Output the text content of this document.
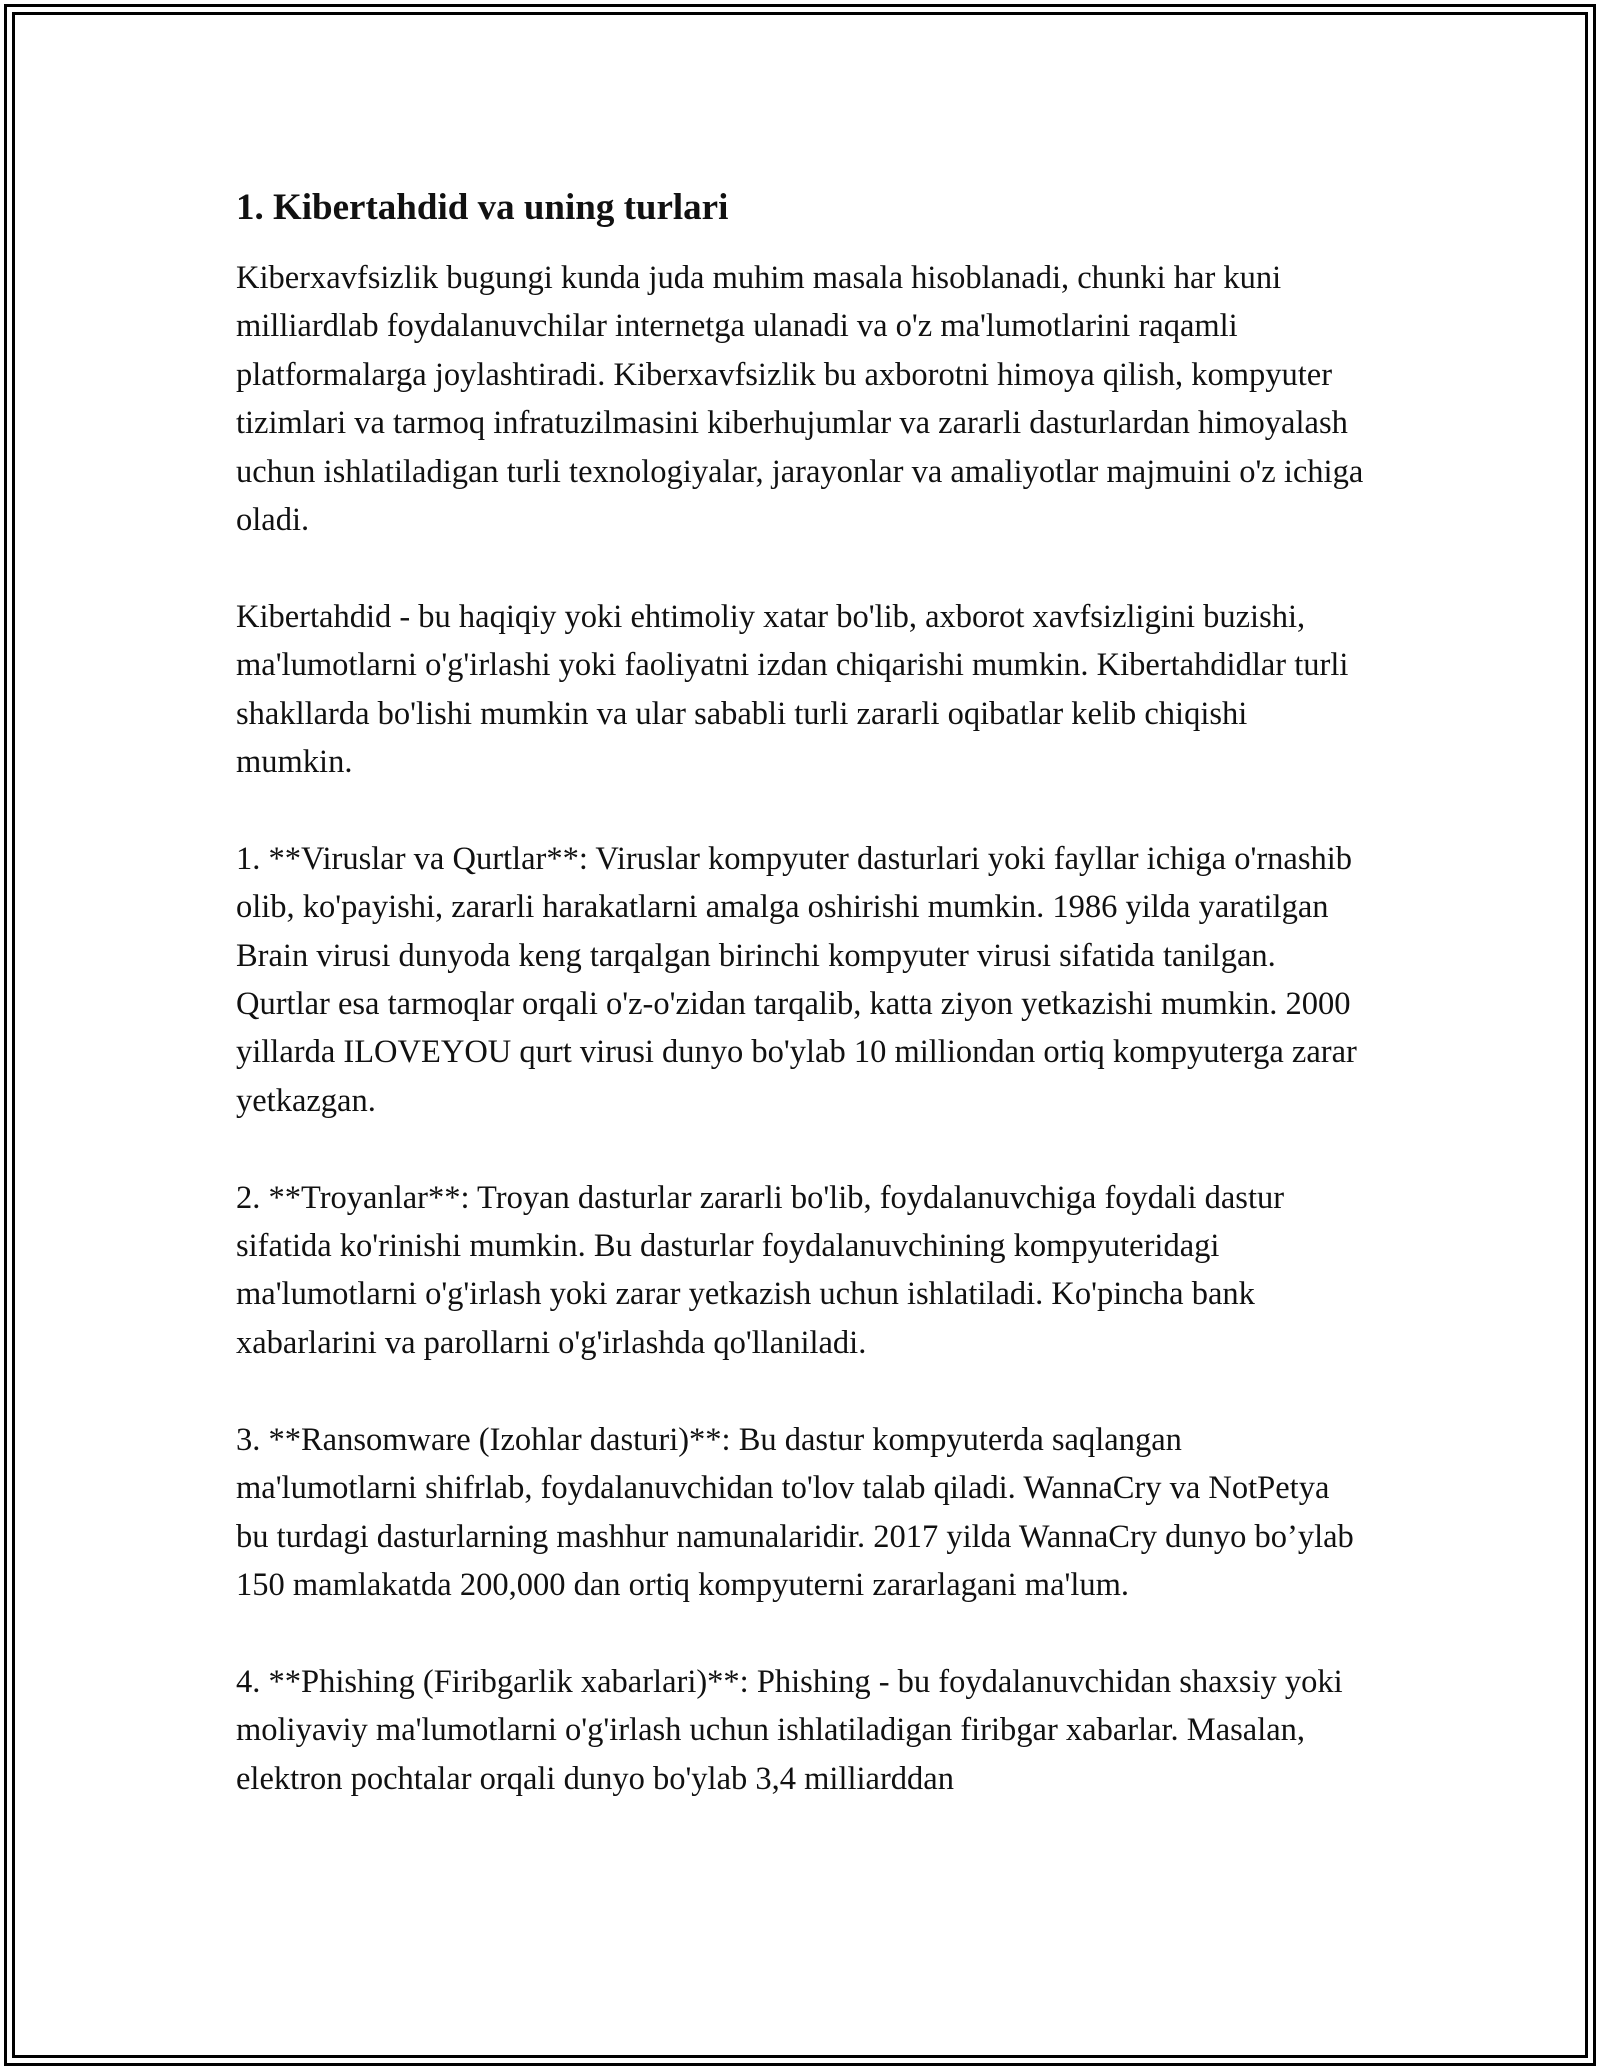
1. Kibertahdid va uning turlari

Kiberxavfsizlik bugungi kunda juda muhim masala hisoblanadi, chunki har kuni milliardlab foydalanuvchilar internetga ulanadi va o'z ma'lumotlarini raqamli platformalarga joylashtiradi. Kiberxavfsizlik bu axborotni himoya qilish, kompyuter tizimlari va tarmoq infratuzilmasini kiberhujumlar va zararli dasturlardan himoyalash uchun ishlatiladigan turli texnologiyalar, jarayonlar va amaliyotlar majmuini o'z ichiga oladi.

Kibertahdid - bu haqiqiy yoki ehtimoliy xatar bo'lib, axborot xavfsizligini buzishi, ma'lumotlarni o'g'irlashi yoki faoliyatni izdan chiqarishi mumkin. Kibertahdidlar turli shakllarda bo'lishi mumkin va ular sababli turli zararli oqibatlar kelib chiqishi mumkin.

1. **Viruslar va Qurtlar**: Viruslar kompyuter dasturlari yoki fayllar ichiga o'rnashib olib, ko'payishi, zararli harakatlarni amalga oshirishi mumkin. 1986 yilda yaratilgan Brain virusi dunyoda keng tarqalgan birinchi kompyuter virusi sifatida tanilgan. Qurtlar esa tarmoqlar orqali o'z-o'zidan tarqalib, katta ziyon yetkazishi mumkin. 2000 yillarda ILOVEYOU qurt virusi dunyo bo'ylab 10 milliondan ortiq kompyuterga zarar yetkazgan.

2. **Troyanlar**: Troyan dasturlar zararli bo'lib, foydalanuvchiga foydali dastur sifatida ko'rinishi mumkin. Bu dasturlar foydalanuvchining kompyuteridagi ma'lumotlarni o'g'irlash yoki zarar yetkazish uchun ishlatiladi. Ko'pincha bank xabarlarini va parollarni o'g'irlashda qo'llaniladi.

3. **Ransomware (Izohlar dasturi)**: Bu dastur kompyuterda saqlangan ma'lumotlarni shifrlab, foydalanuvchidan to'lov talab qiladi. WannaCry va NotPetya bu turdagi dasturlarning mashhur namunalaridir. 2017 yilda WannaCry dunyo bo’ylab 150 mamlakatda 200,000 dan ortiq kompyuterni zararlagani ma'lum.

4. **Phishing (Firibgarlik xabarlari)**: Phishing - bu foydalanuvchidan shaxsiy yoki moliyaviy ma'lumotlarni o'g'irlash uchun ishlatiladigan firibgar xabarlar. Masalan, elektron pochtalar orqali dunyo bo'ylab 3,4 milliarddan
